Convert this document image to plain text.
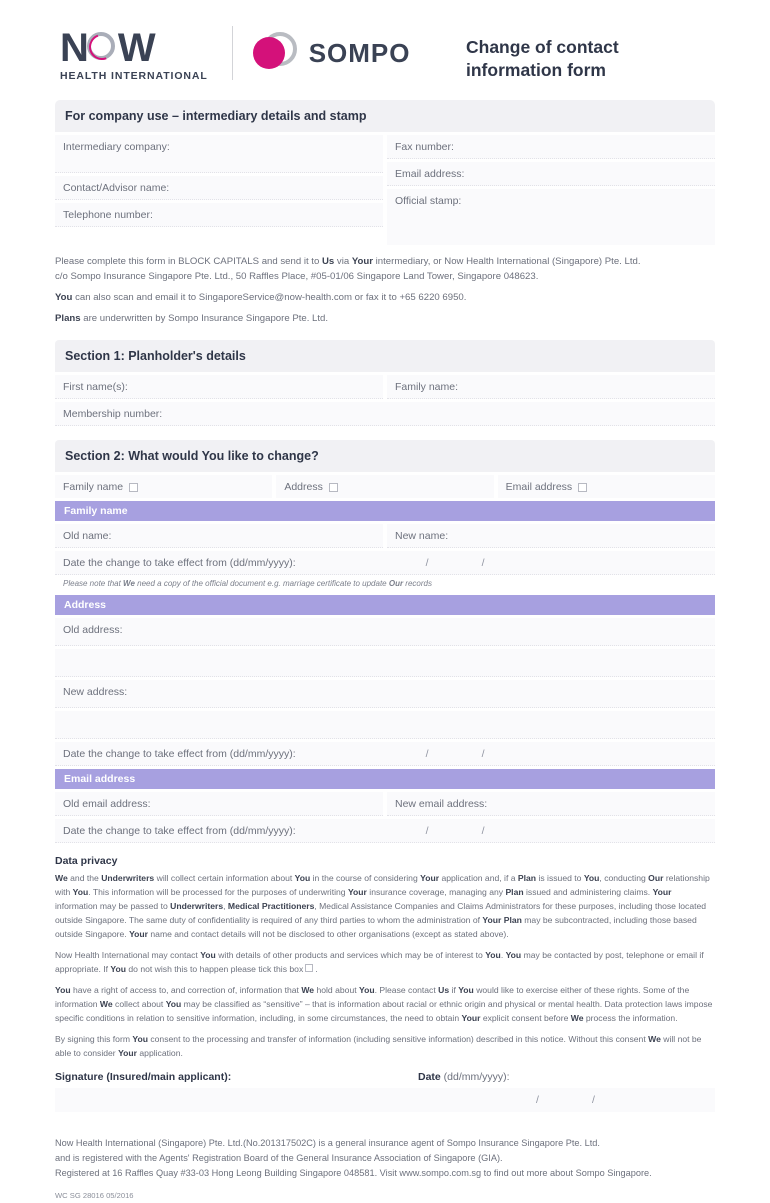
N W
HEALTH INTERNATIONAL
SOMPO	Change of contact
information form
For company use – intermediary details and stamp
Intermediary company:
Contact/Advisor name:
Telephone number:
Fax number:
Email address:
Official stamp:

Please complete this form in BLOCK CAPITALS and send it to Us via Your intermediary, or Now Health International (Singapore) Pte. Ltd.
c/o Sompo Insurance Singapore Pte. Ltd., 50 Raffles Place, #05-01/06 Singapore Land Tower, Singapore 048623.

You can also scan and email it to SingaporeService@now-health.com or fax it to +65 6220 6950.

Plans are underwritten by Sompo Insurance Singapore Pte. Ltd.

Section 1: Planholder's details
First name(s):	Family name:
Membership number:
Section 2: What would You like to change?
Family name	Address	Email address
Family name
Old name:	New name:
Date the change to take effect from (dd/mm/yyyy):	/	/
Please note that We need a copy of the official document e.g. marriage certificate to update Our records
Address
Old address:
New address:
Date the change to take effect from (dd/mm/yyyy):	/	/
Email address
Old email address:	New email address:
Date the change to take effect from (dd/mm/yyyy):	/	/
Data privacy

We and the Underwriters will collect certain information about You in the course of considering Your application and, if a Plan is issued to You, conducting Our relationship with You. This information will be processed for the purposes of underwriting Your insurance coverage, managing any Plan issued and administering claims. Your information may be passed to Underwriters, Medical Practitioners, Medical Assistance Companies and Claims Administrators for these purposes, including those located outside Singapore. The same duty of confidentiality is required of any third parties to whom the administration of Your Plan may be subcontracted, including those based outside Singapore. Your name and contact details will not be disclosed to other organisations (except as stated above).

Now Health International may contact You with details of other products and services which may be of interest to You. You may be contacted by post, telephone or email if appropriate. If You do not wish this to happen please tick this box .

You have a right of access to, and correction of, information that We hold about You. Please contact Us if You would like to exercise either of these rights. Some of the information We collect about You may be classified as “sensitive” – that is information about racial or ethnic origin and physical or mental health. Data protection laws impose specific conditions in relation to sensitive information, including, in some circumstances, the need to obtain Your explicit consent before We process the information.

By signing this form You consent to the processing and transfer of information (including sensitive information) described in this notice. Without this consent We will not be able to consider Your application.

Signature (Insured/main applicant):	Date (dd/mm/yyyy):
/	/

Now Health International (Singapore) Pte. Ltd.(No.201317502C) is a general insurance agent of Sompo Insurance Singapore Pte. Ltd.

and is registered with the Agents' Registration Board of the General Insurance Association of Singapore (GIA).

Registered at 16 Raffles Quay #33-03 Hong Leong Building Singapore 048581. Visit www.sompo.com.sg to find out more about Sompo Singapore.

WC SG 28016 05/2016
